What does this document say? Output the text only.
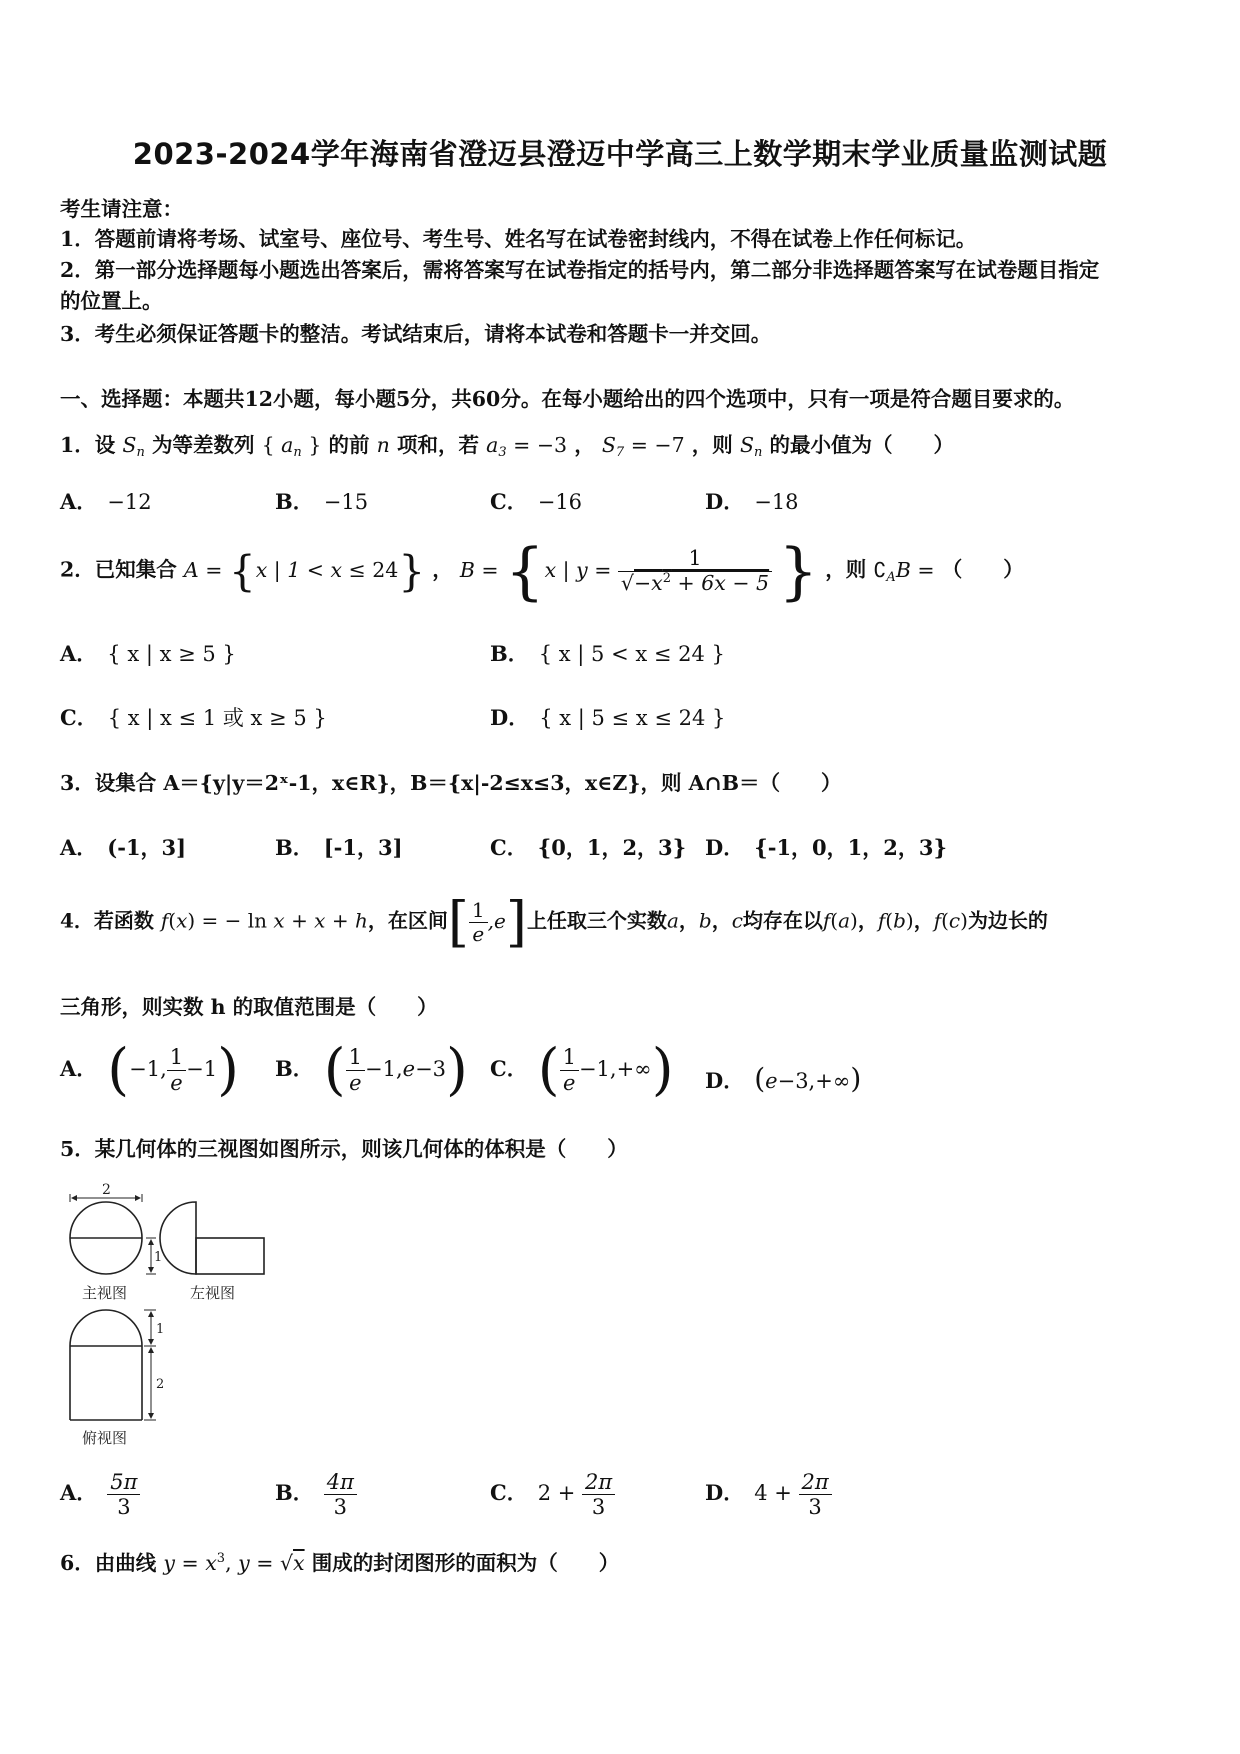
2023-2024学年海南省澄迈县澄迈中学高三上数学期末学业质量监测试题
考生请注意：
1．答题前请将考场、试室号、座位号、考生号、姓名写在试卷密封线内，不得在试卷上作任何标记。
2．第一部分选择题每小题选出答案后，需将答案写在试卷指定的括号内，第二部分非选择题答案写在试卷题目指定
的位置上。
3．考生必须保证答题卡的整洁。考试结束后，请将本试卷和答题卡一并交回。
一、选择题：本题共12小题，每小题5分，共60分。在每小题给出的四个选项中，只有一项是符合题目要求的。
1．设 $S_n$ 为等差数列 { $a_n$ } 的前 n 项和，若 $a_3 = -3$ ， $S_7 = -7$ ，则 $S_n$ 的最小值为（　　）
A． −12	B． −15	C． −16	D． −18
2．已知集合 A = {x | 1 < x ≤ 24} ， B = {x | $y = \frac{1}{√-x^2 + 6x - 5}$ } ，则 $∁_AB$ = （　　）
A． { x | x ≥ 5 }	B． { x | 5 < x ≤ 24 }
C． { x | x ≤ 1 或 x ≥ 5 }	D． { x | 5 ≤ x ≤ 24 }
3．设集合 A＝{y|y＝2ˣ-1，x∈R}，B＝{x|-2≤x≤3，x∈Z}，则 A∩B＝（　　）
A． (-1，3]	B． [-1，3]	C． {0，1，2，3} D． {-1，0，1，2，3}
4．若函数 f(x) = − ln x + x + h，在区间[ $\frac{1}{e} ,e$]上任取三个实数a，b，c均存在以f(a)，f(b)，f(c)为边长的
三角形，则实数 h 的取值范围是（　　）
A． (−1, $\frac{1}{e} -1$) B． ( $\frac{1}{e} -1,e-3$) C． ( $\frac{1}{e} -1,+\infty$) D． (e−3,+∞)
5．某几何体的三视图如图所示，则该几何体的体积是（　　）
2
1
主视图	左视图
1
2
俯视图
A． $\frac{5\pi}{3}$	B． $\frac{4\pi}{3}$	C． $2 + \frac{2\pi}{3}$	D． $4 + \frac{2\pi}{3}$
6．由曲线 $y = x^3$, y = √x 围成的封闭图形的面积为（　　）
